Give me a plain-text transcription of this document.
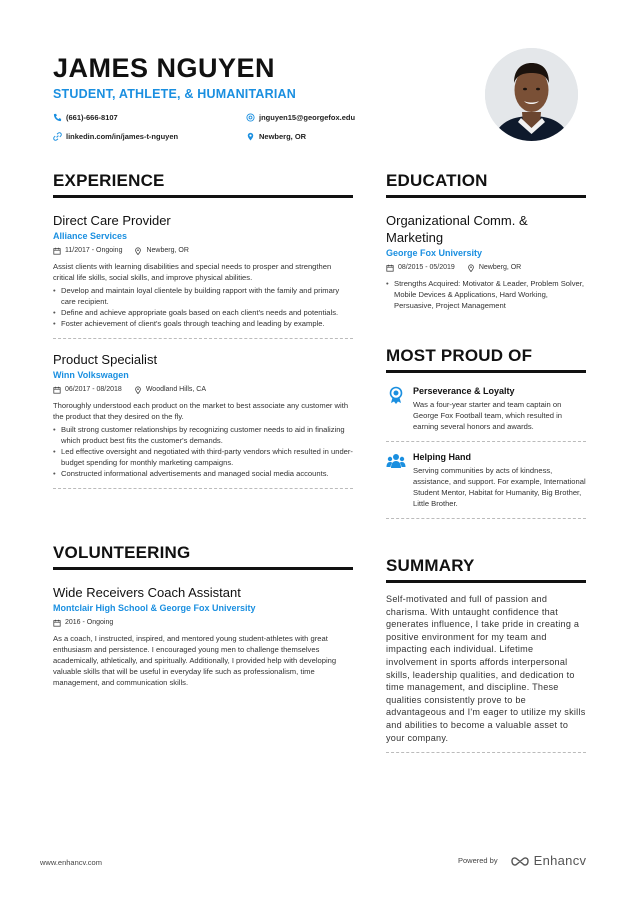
JAMES NGUYEN
STUDENT, ATHLETE, & HUMANITARIAN
(661)-666-8107	jnguyen15@georgefox.edu
linkedin.com/in/james-t-nguyen	Newberg, OR
EXPERIENCE
Direct Care Provider
Alliance Services
11/2017 - Ongoing	Newberg, OR
Assist clients with learning disabilities and special needs to prosper and strengthen critical life skills, social skills, and improve physical abilities.
• Develop and maintain loyal clientele by building rapport with the family and primary care recipient.
• Define and achieve appropriate goals based on each client's needs and potentials.
• Foster achievement of client's goals through teaching and leading by example.
Product Specialist
Winn Volkswagen
06/2017 - 08/2018	Woodland Hills, CA
Thoroughly understood each product on the market to best associate any customer with the product that they desired on the fly.
• Built strong customer relationships by recognizing customer needs to aid in finalizing which product best fits the customer's demands.
• Led effective oversight and negotiated with third-party vendors which resulted in under-budget spending for monthly marketing campaigns.
• Constructed informational advertisements and managed social media accounts.
VOLUNTEERING
Wide Receivers Coach Assistant
Montclair High School & George Fox University
2016 - Ongoing
As a coach, I instructed, inspired, and mentored young student-athletes with great enthusiasm and persistence. I encouraged young men to challenge themselves academically, athletically, and spiritually. Additionally, I provided help with developing valuable skills that will be useful in everyday life such as professionalism, time management, and communication skills.
EDUCATION
Organizational Comm. & Marketing
George Fox University
08/2015 - 05/2019	Newberg, OR
• Strengths Acquired: Motivator & Leader, Problem Solver, Mobile Devices & Applications, Hard Working, Persuasive, Project Management
MOST PROUD OF
Perseverance & Loyalty
Was a four-year starter and team captain on George Fox Football team, which resulted in earning several honors and awards.
Helping Hand
Serving communities by acts of kindness, assistance, and support. For example, International Student Mentor, Habitat for Humanity, Big Brother, Little Brother.
SUMMARY
Self-motivated and full of passion and charisma. With untaught confidence that generates influence, I take pride in creating a positive environment for my team and impacting each individual. Lifetime involvement in sports affords interpersonal skills, leadership qualities, and dedication to time management, and discipline. These qualities consistently prove to be advantageous and I'm eager to utilize my skills and abilities to become a valuable asset to your company.
www.enhancv.com	Powered by	Enhancv
